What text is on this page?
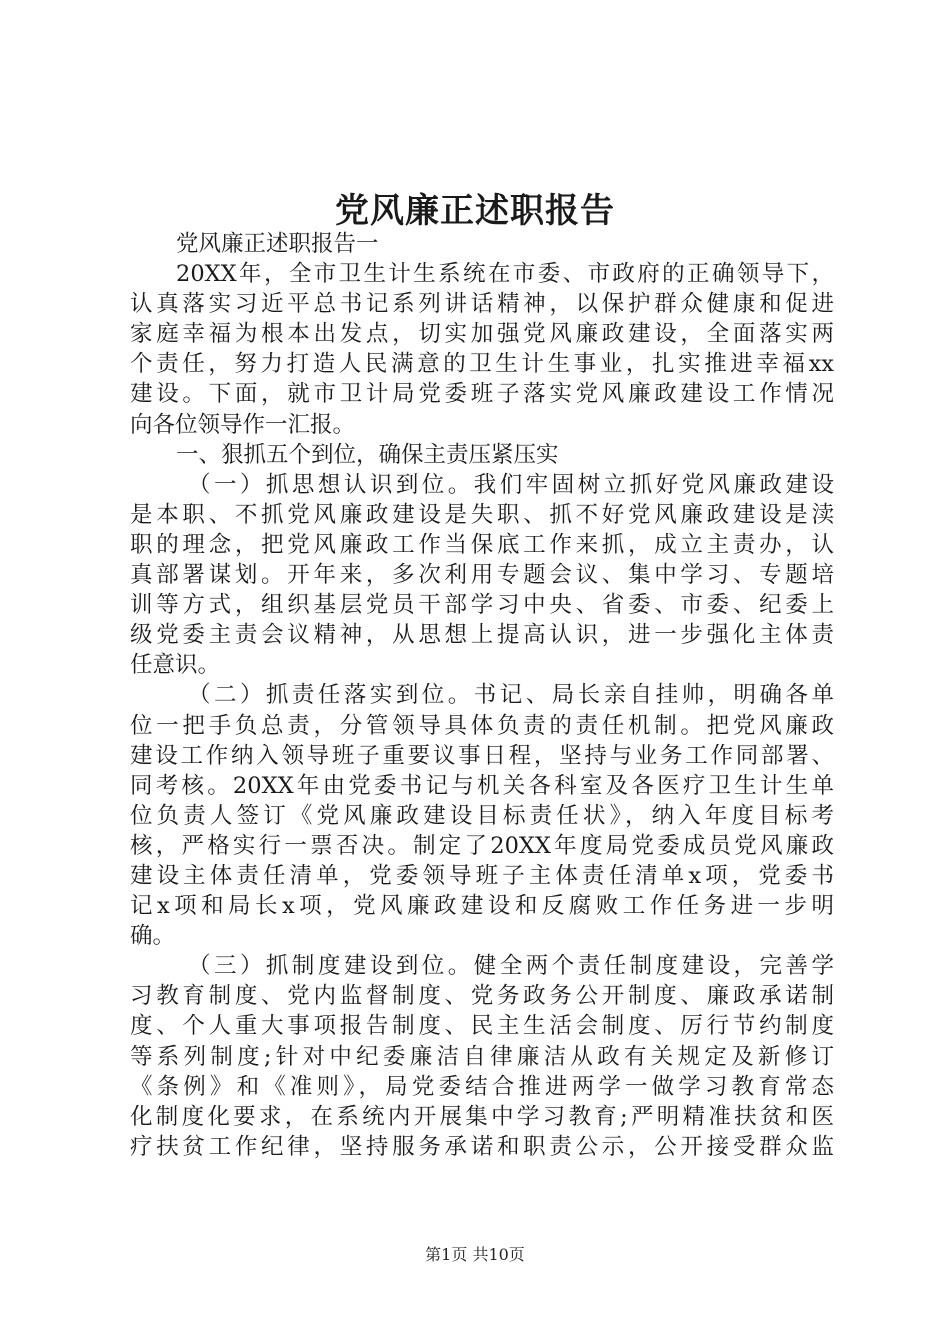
党风廉正述职报告
党风廉正述职报告一
20XX年，全市卫生计生系统在市委、市政府的正确领导下，
认真落实习近平总书记系列讲话精神，以保护群众健康和促进
家庭幸福为根本出发点，切实加强党风廉政建设，全面落实两
个责任，努力打造人民满意的卫生计生事业，扎实推进幸福xx
建设。下面，就市卫计局党委班子落实党风廉政建设工作情况
向各位领导作一汇报。
一、狠抓五个到位，确保主责压紧压实
（一）抓思想认识到位。我们牢固树立抓好党风廉政建设
是本职、不抓党风廉政建设是失职、抓不好党风廉政建设是渎
职的理念，把党风廉政工作当保底工作来抓，成立主责办，认
真部署谋划。开年来，多次利用专题会议、集中学习、专题培
训等方式，组织基层党员干部学习中央、省委、市委、纪委上
级党委主责会议精神，从思想上提高认识，进一步强化主体责
任意识。
（二）抓责任落实到位。书记、局长亲自挂帅，明确各单
位一把手负总责，分管领导具体负责的责任机制。把党风廉政
建设工作纳入领导班子重要议事日程，坚持与业务工作同部署、
同考核。20XX年由党委书记与机关各科室及各医疗卫生计生单
位负责人签订《党风廉政建设目标责任状》，纳入年度目标考
核，严格实行一票否决。制定了20XX年度局党委成员党风廉政
建设主体责任清单，党委领导班子主体责任清单x项，党委书
记x项和局长x项，党风廉政建设和反腐败工作任务进一步明
确。
（三）抓制度建设到位。健全两个责任制度建设，完善学
习教育制度、党内监督制度、党务政务公开制度、廉政承诺制
度、个人重大事项报告制度、民主生活会制度、厉行节约制度
等系列制度;针对中纪委廉洁自律廉洁从政有关规定及新修订
《条例》和《准则》，局党委结合推进两学一做学习教育常态
化制度化要求，在系统内开展集中学习教育;严明精准扶贫和医
疗扶贫工作纪律，坚持服务承诺和职责公示，公开接受群众监
第1页 共10页
